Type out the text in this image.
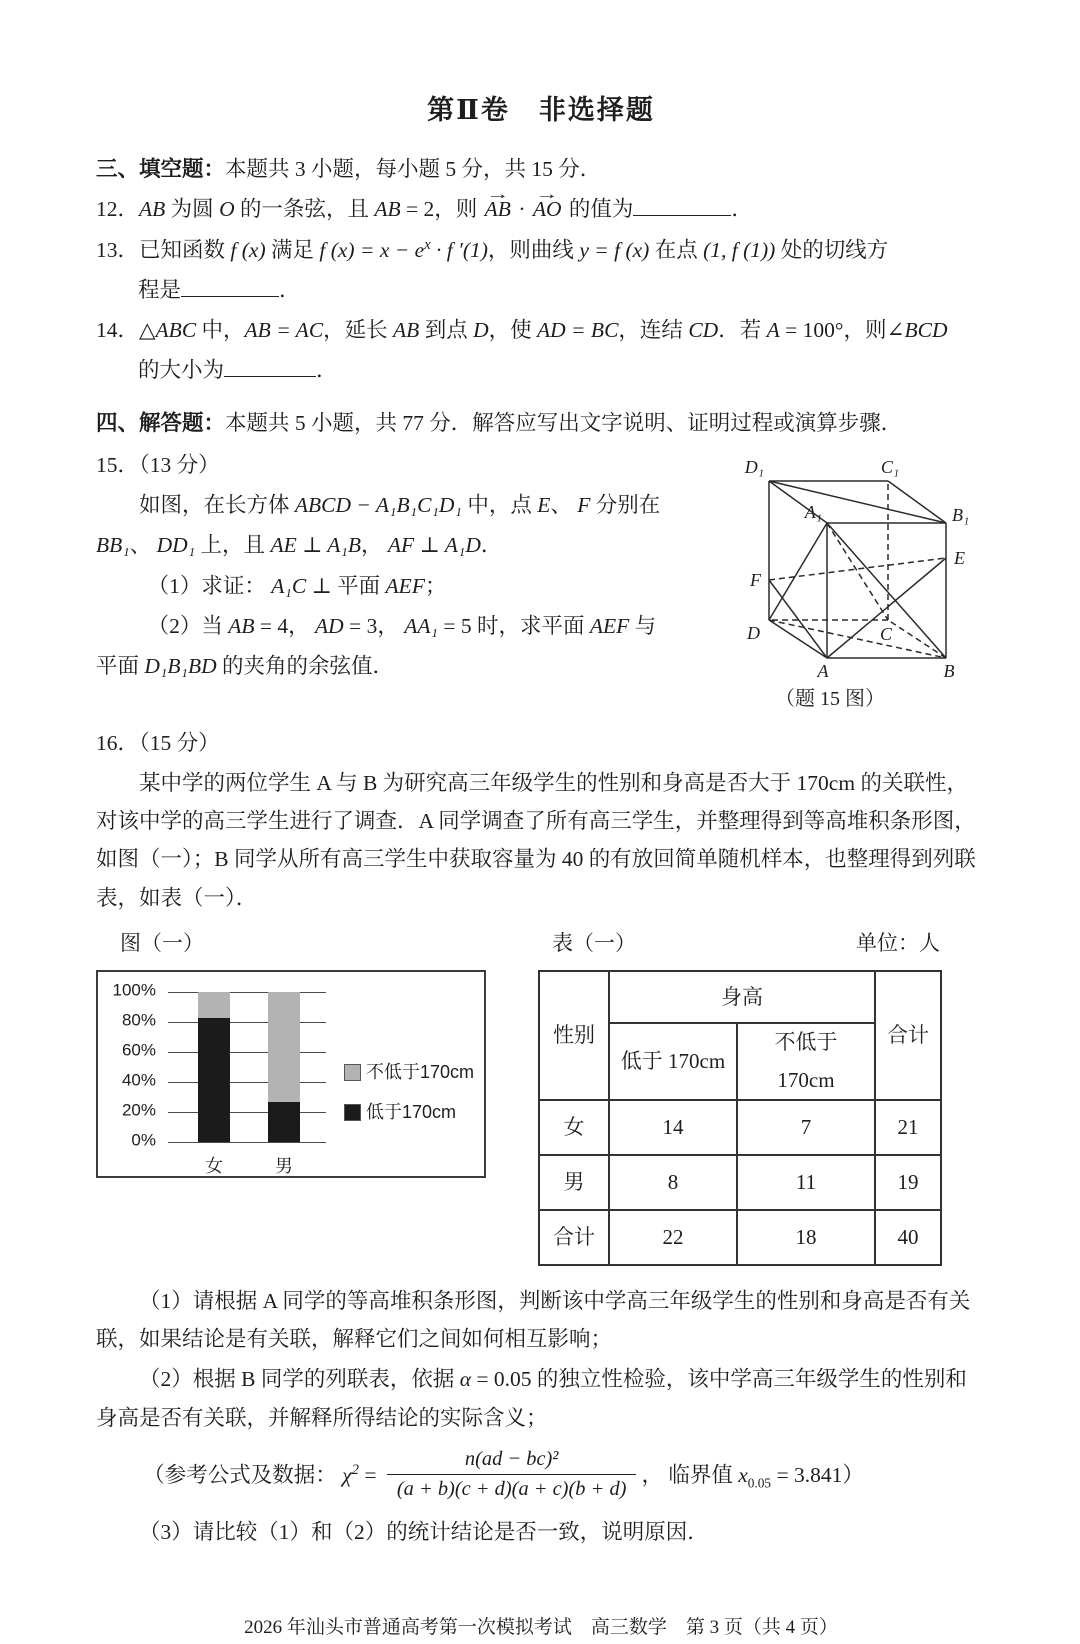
第Ⅱ卷　非选择题
三、填空题：本题共 3 小题，每小题 5 分，共 15 分．
12．AB 为圆 O 的一条弦，且 AB = 2，则 AB → · AO → 的值为	．
13．已知函数 f (x) 满足 f $(x) = x - e^x \cdot f$ ′(1)，则曲线 y = f (x) 在点 (1, f (1)) 处的切线方
程是	．
14．△ABC 中，AB = AC，延长 AB 到点 D，使 AD = BC，连结 CD．若 A = 100°，则∠BCD
的大小为	．
四、解答题：本题共 5 小题，共 77 分．解答应写出文字说明、证明过程或演算步骤．
A	B
C
D
A₁	B₁
C₁
D₁
E
F
（题 15 图）
15．（13 分）
如图，在长方体 ABCD − A₁B₁C₁D₁ 中，点 E、 F 分别在
BB₁、 DD₁ 上，且 AE ⊥ A₁B， AF ⊥ A₁D．
（1）求证： A₁C ⊥ 平面 AEF；
（2）当 AB = 4， AD = 3， AA₁ = 5 时，求平面 AEF 与
平面 D₁B₁BD 的夹角的余弦值．
16．（15 分）
某中学的两位学生 A 与 B 为研究高三年级学生的性别和身高是否大于 170cm 的关联性，对该中学的高三学生进行了调查．A 同学调查了所有高三学生，并整理得到等高堆积条形图，如图（一）；B 同学从所有高三学生中获取容量为 40 的有放回简单随机样本，也整理得到列联表，如表（一）．
图（一）
100%
80%
60%
40%
20%
0%
女	男
不低于170cm
低于170cm
表（一）	单位：人
性别	身高		合计
	低于 170cm	不低于 170cm	
女	14	7	21
男	8	11	19
合计	22	18	40
（1）请根据 A 同学的等高堆积条形图，判断该中学高三年级学生的性别和身高是否有关联，如果结论是有关联，解释它们之间如何相互影响；
（2）根据 B 同学的列联表，依据 α = 0.05 的独立性检验，该中学高三年级学生的性别和身高是否有关联，并解释所得结论的实际含义；
（参考公式及数据： $\chi^2 = \frac{\text{n(ad − bc)²}}{(a + b)(c + d)(a + c)(b + d)}$ ， 临界值 $x_{0.05} = 3.841$）
（3）请比较（1）和（2）的统计结论是否一致，说明原因．
2026 年汕头市普通高考第一次模拟考试　高三数学　第 3 页（共 4 页）
